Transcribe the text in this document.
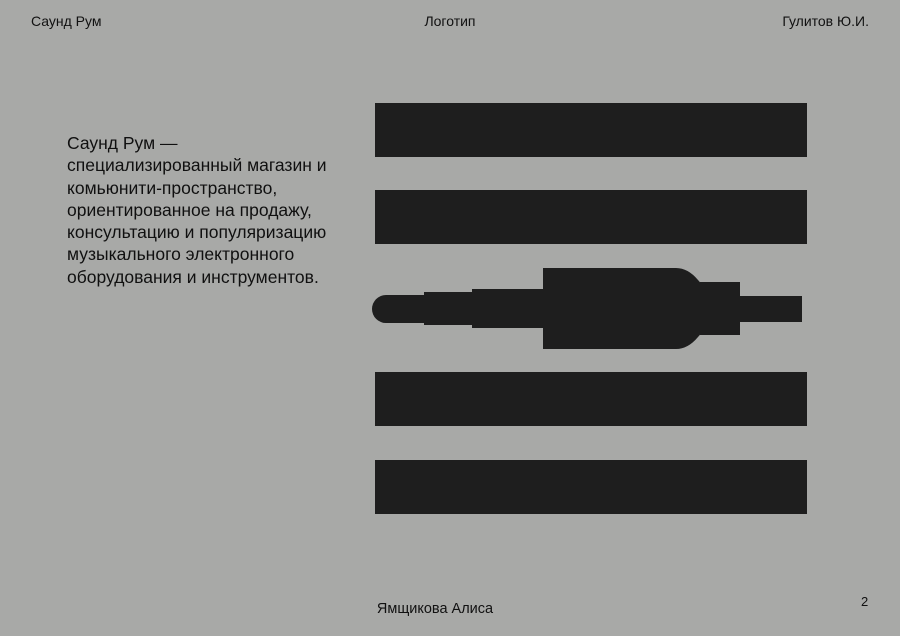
Саунд Рум	Логотип	Гулитов Ю.И.

Саунд Рум — специализированный магазин и комьюнити-пространство, ориентированное на продажу, консультацию и популяризацию музыкального электронного оборудования и инструментов.

Ямщикова Алиса	2
